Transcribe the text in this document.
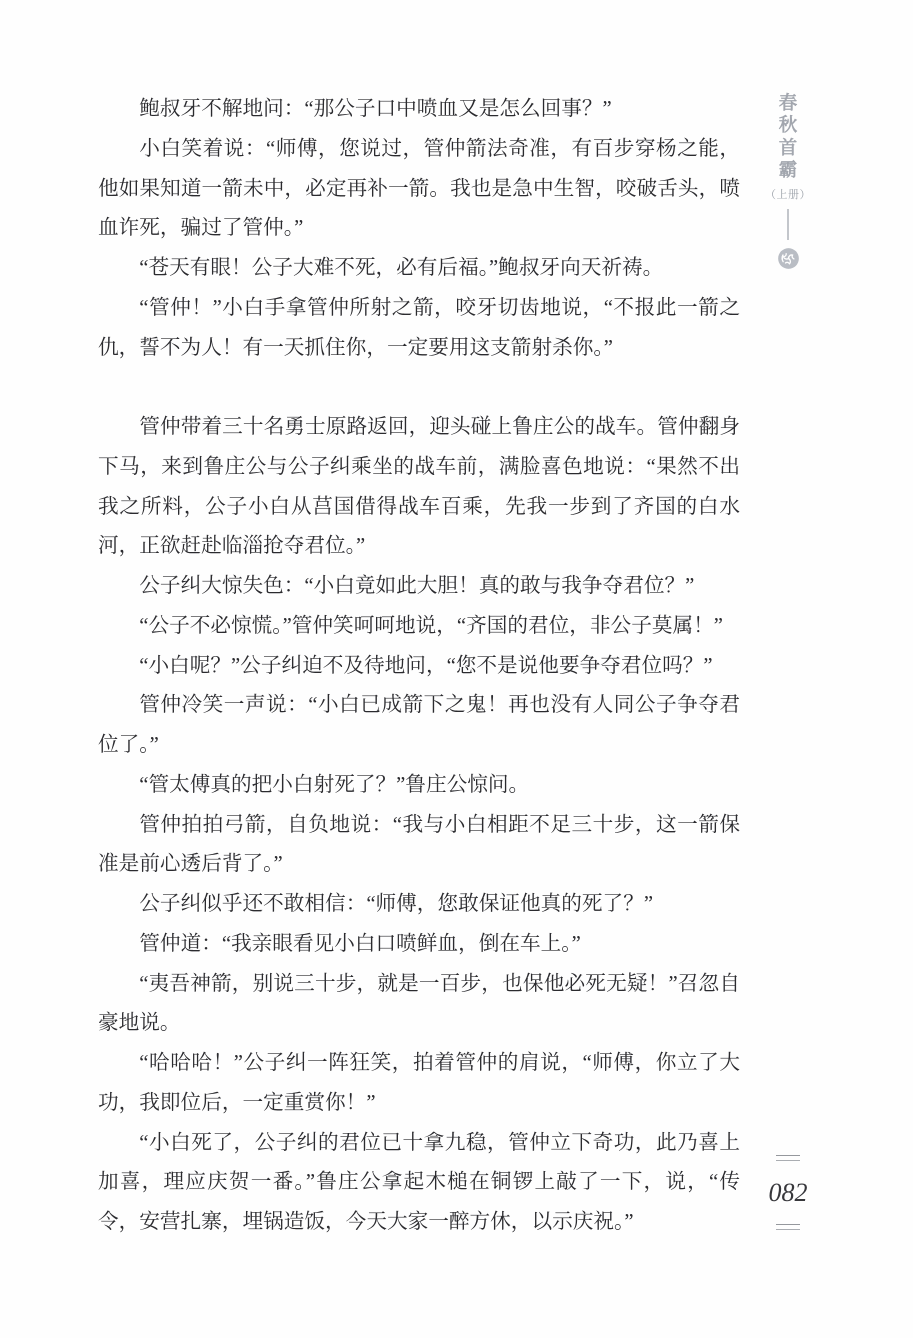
鲍叔牙不解地问：“那公子口中喷血又是怎么回事？”

小白笑着说：“师傅，您说过，管仲箭法奇准，有百步穿杨之能，他如果知道一箭未中，必定再补一箭。我也是急中生智，咬破舌头，喷血诈死，骗过了管仲。”

“苍天有眼！公子大难不死，必有后福。”鲍叔牙向天祈祷。

“管仲！”小白手拿管仲所射之箭，咬牙切齿地说，“不报此一箭之仇，誓不为人！有一天抓住你，一定要用这支箭射杀你。”

管仲带着三十名勇士原路返回，迎头碰上鲁庄公的战车。管仲翻身下马，来到鲁庄公与公子纠乘坐的战车前，满脸喜色地说：“果然不出我之所料，公子小白从莒国借得战车百乘，先我一步到了齐国的白水河，正欲赶赴临淄抢夺君位。”

公子纠大惊失色：“小白竟如此大胆！真的敢与我争夺君位？”

“公子不必惊慌。”管仲笑呵呵地说，“齐国的君位，非公子莫属！”

“小白呢？”公子纠迫不及待地问，“您不是说他要争夺君位吗？”

管仲冷笑一声说：“小白已成箭下之鬼！再也没有人同公子争夺君位了。”

“管太傅真的把小白射死了？”鲁庄公惊问。

管仲拍拍弓箭，自负地说：“我与小白相距不足三十步，这一箭保准是前心透后背了。”

公子纠似乎还不敢相信：“师傅，您敢保证他真的死了？”

管仲道：“我亲眼看见小白口喷鲜血，倒在车上。”

“夷吾神箭，别说三十步，就是一百步，也保他必死无疑！”召忽自豪地说。

“哈哈哈！”公子纠一阵狂笑，拍着管仲的肩说，“师傅，你立了大功，我即位后，一定重赏你！”

“小白死了，公子纠的君位已十拿九稳，管仲立下奇功，此乃喜上加喜，理应庆贺一番。”鲁庄公拿起木槌在铜锣上敲了一下，说，“传令，安营扎寨，埋锅造饭，今天大家一醉方休，以示庆祝。”

春
秋
首
霸
（上册）
082
